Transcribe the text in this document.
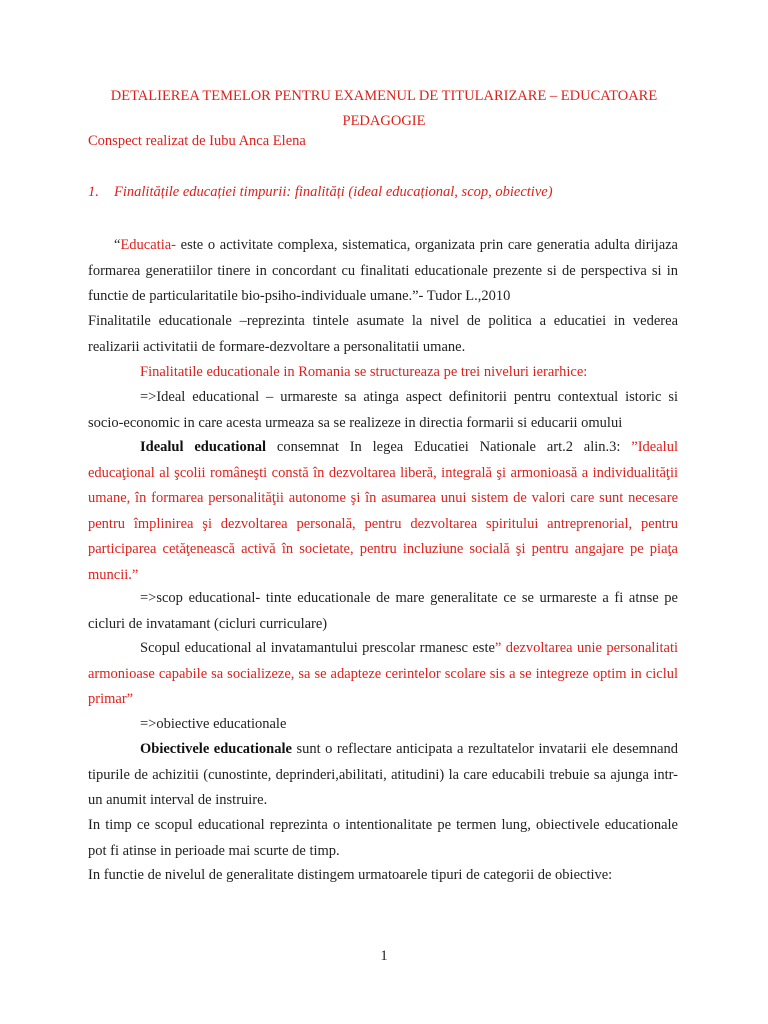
DETALIEREA TEMELOR PENTRU EXAMENUL DE TITULARIZARE – EDUCATOARE
PEDAGOGIE
Conspect realizat de Iubu Anca Elena
1. Finalitățile educației timpurii: finalități (ideal educațional, scop, obiective)
“Educatia- este o activitate complexa, sistematica, organizata prin care generatia adulta dirijaza formarea generatiilor tinere in concordant cu finalitati educationale prezente si de perspectiva si in functie de particularitatile bio-psiho-individuale umane.”- Tudor L.,2010
Finalitatile educationale –reprezinta tintele asumate la nivel de politica a educatiei in vederea realizarii activitatii de formare-dezvoltare a personalitatii umane.
Finalitatile educationale in Romania se structureaza pe trei niveluri ierarhice:
=>Ideal educational – urmareste sa atinga aspect definitorii pentru contextual istoric si socio-economic in care acesta urmeaza sa se realizeze in directia formarii si educarii omului
Idealul educational consemnat In legea Educatiei Nationale art.2 alin.3: ”Idealul educaţional al şcolii româneşti constă în dezvoltarea liberă, integrală şi armonioasă a individualităţii umane, în formarea personalităţii autonome şi în asumarea unui sistem de valori care sunt necesare pentru împlinirea şi dezvoltarea personală, pentru dezvoltarea spiritului antreprenorial, pentru participarea cetăţenească activă în societate, pentru incluziune socială şi pentru angajare pe piaţa muncii.”
=>scop educational- tinte educationale de mare generalitate ce se urmareste a fi atnse pe cicluri de invatamant (cicluri curriculare)
Scopul educational al invatamantului prescolar rmanesc este” dezvoltarea unie personalitati armonioase capabile sa socializeze, sa se adapteze cerintelor scolare sis a se integreze optim in ciclul primar”
=>obiective educationale
Obiectivele educationale sunt o reflectare anticipata a rezultatelor invatarii ele desemnand tipurile de achizitii (cunostinte, deprinderi,abilitati, atitudini) la care educabili trebuie sa ajunga intr-un anumit interval de instruire.
In timp ce scopul educational reprezinta o intentionalitate pe termen lung, obiectivele educationale pot fi atinse in perioade mai scurte de timp.
In functie de nivelul de generalitate distingem urmatoarele tipuri de categorii de obiective:
1
